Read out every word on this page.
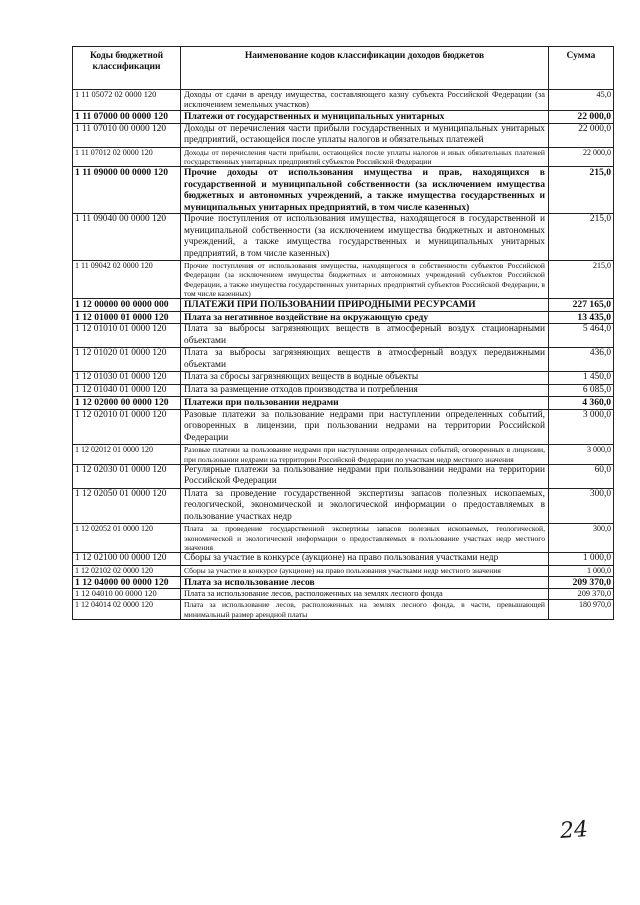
Коды бюджетной классификации	Наименование кодов классификации доходов бюджетов	Сумма
1 11 05072 02 0000 120	Доходы от сдачи в аренду имущества, составляющего казну субъекта Российской Федерации (за исключением земельных участков)	45,0
1 11 07000 00 0000 120	Платежи от государственных и муниципальных унитарных	22 000,0
1 11 07010 00 0000 120	Доходы от перечисления части прибыли государственных и муниципальных унитарных предприятий, остающейся после уплаты налогов и обязательных платежей	22 000,0
1 11 07012 02 0000 120	Доходы от перечисления части прибыли, остающейся после уплаты налогов и иных обязательных платежей государственных унитарных предприятий субъектов Российской Федерации	22 000,0
1 11 09000 00 0000 120	Прочие доходы от использования имущества и прав, находящихся в государственной и муниципальной собственности (за исключением имущества бюджетных и автономных учреждений, а также имущества государственных и муниципальных унитарных предприятий, в том числе казенных)	215,0
1 11 09040 00 0000 120	Прочие поступления от использования имущества, находящегося в государственной и муниципальной собственности (за исключением имущества бюджетных и автономных учреждений, а также имущества государственных и муниципальных унитарных предприятий, в том числе казенных)	215,0
1 11 09042 02 0000 120	Прочие поступления от использования имущества, находящегося в собственности субъектов Российской Федерации (за исключением имущества бюджетных и автономных учреждений субъектов Российской Федерации, а также имущества государственных унитарных предприятий субъектов Российской Федерации, в том числе казенных)	215,0
1 12 00000 00 0000 000	ПЛАТЕЖИ ПРИ ПОЛЬЗОВАНИИ ПРИРОДНЫМИ РЕСУРСАМИ	227 165,0
1 12 01000 01 0000 120	Плата за негативное воздействие на окружающую среду	13 435,0
1 12 01010 01 0000 120	Плата за выбросы загрязняющих веществ в атмосферный воздух стационарными объектами	5 464,0
1 12 01020 01 0000 120	Плата за выбросы загрязняющих веществ в атмосферный воздух передвижными объектами	436,0
1 12 01030 01 0000 120	Плата за сбросы загрязняющих веществ в водные объекты	1 450,0
1 12 01040 01 0000 120	Плата за размещение отходов производства и потребления	6 085,0
1 12 02000 00 0000 120	Платежи при пользовании недрами	4 360,0
1 12 02010 01 0000 120	Разовые платежи за пользование недрами при наступлении определенных событий, оговоренных в лицензии, при пользовании недрами на территории Российской Федерации	3 000,0
1 12 02012 01 0000 120	Разовые платежи за пользование недрами при наступлении определенных событий, оговоренных в лицензии, при пользовании недрами на территории Российской Федерации по участкам недр местного значения	3 000,0
1 12 02030 01 0000 120	Регулярные платежи за пользование недрами при пользовании недрами на территории Российской Федерации	60,0
1 12 02050 01 0000 120	Плата за проведение государственной экспертизы запасов полезных ископаемых, геологической, экономической и экологической информации о предоставляемых в пользование участках недр	300,0
1 12 02052 01 0000 120	Плата за проведение государственной экспертизы запасов полезных ископаемых, геологической, экономической и экологической информации о предоставляемых в пользование участках недр местного значения	300,0
1 12 02100 00 0000 120	Сборы за участие в конкурсе (аукционе) на право пользования участками недр	1 000,0
1 12 02102 02 0000 120	Сборы за участие в конкурсе (аукционе) на право пользования участками недр местного значения	1 000,0
1 12 04000 00 0000 120	Плата за использование лесов	209 370,0
1 12 04010 00 0000 120	Плата за использование лесов, расположенных на землях лесного фонда	209 370,0
1 12 04014 02 0000 120	Плата за использование лесов, расположенных на землях лесного фонда, в части, превышающей минимальный размер арендной платы	180 970,0
24
